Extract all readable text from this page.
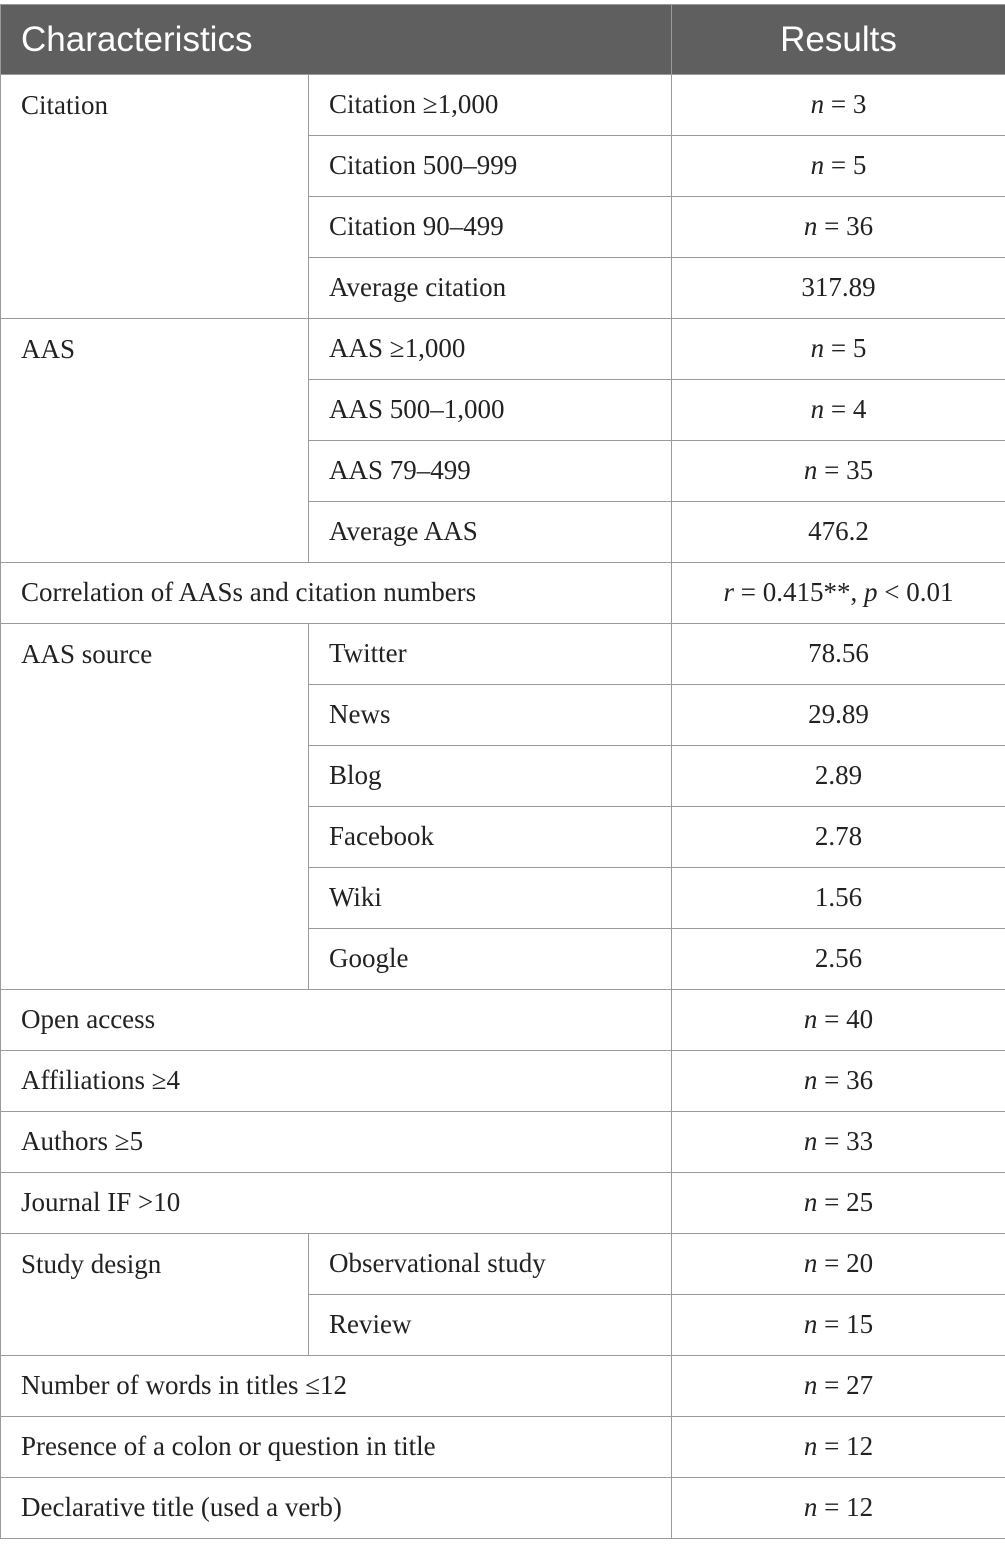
Characteristics		Results
Citation	Citation ≥1,000	n = 3
	Citation 500–999	n = 5
	Citation 90–499	n = 36
	Average citation	317.89
AAS	AAS ≥1,000	n = 5
	AAS 500–1,000	n = 4
	AAS 79–499	n = 35
	Average AAS	476.2
Correlation of AASs and citation numbers		r = 0.415**, p < 0.01
AAS source	Twitter	78.56
	News	29.89
	Blog	2.89
	Facebook	2.78
	Wiki	1.56
	Google	2.56
Open access		n = 40
Affiliations ≥4		n = 36
Authors ≥5		n = 33
Journal IF >10		n = 25
Study design	Observational study	n = 20
	Review	n = 15
Number of words in titles ≤12		n = 27
Presence of a colon or question in title		n = 12
Declarative title (used a verb)		n = 12
